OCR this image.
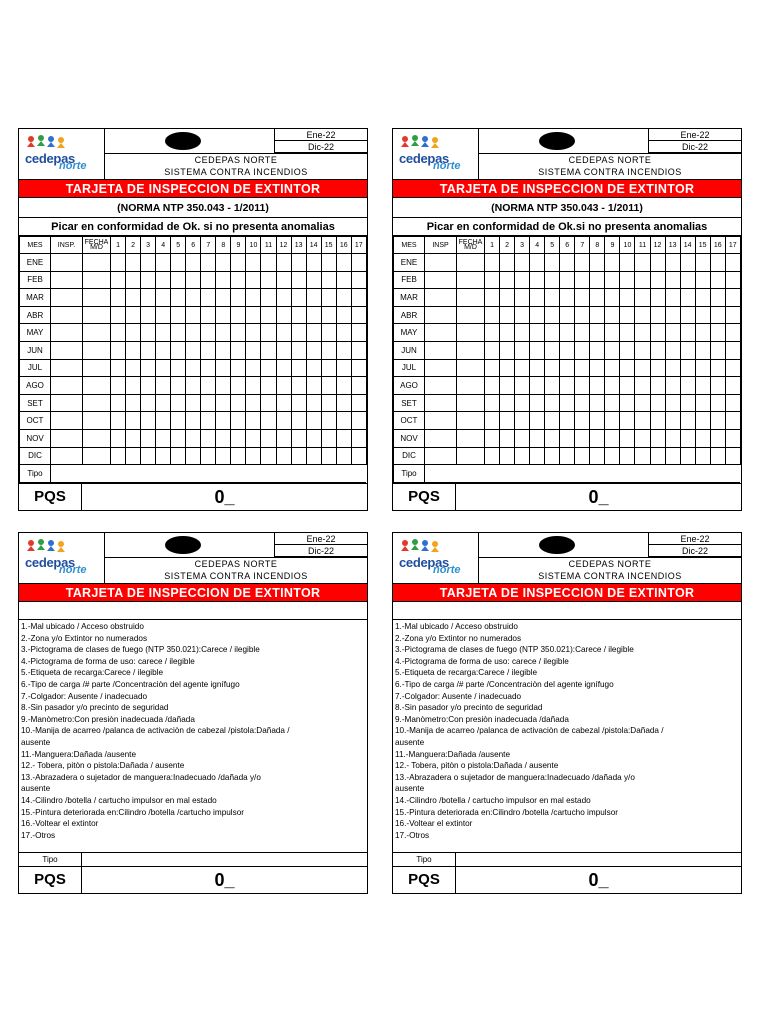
cedepas
norte
Ene-22
Dic-22
CEDEPAS NORTE
SISTEMA CONTRA INCENDIOS
TARJETA DE INSPECCION DE EXTINTOR
(NORMA NTP 350.043 - 1/2011)
Picar en conformidad de Ok. si no presenta anomalias
MES	INSP.	FECHA M/D	1	2	3	4	5	6	7	8	9	10	11	12	13	14	15	16	17
ENE																			
FEB																			
MAR																			
ABR																			
MAY																			
JUN																			
JUL																			
AGO																			
SET																			
OCT																			
NOV																			
DIC																			
Tipo																			
PQS	0_
cedepas
norte
Ene-22
Dic-22
CEDEPAS NORTE
SISTEMA CONTRA INCENDIOS
TARJETA DE INSPECCION DE EXTINTOR
(NORMA NTP 350.043 - 1/2011)
Picar en conformidad de Ok.si no presenta anomalias
MES	INSP	FECHA M/D	1	2	3	4	5	6	7	8	9	10	11	12	13	14	15	16	17
ENE																			
FEB																			
MAR																			
ABR																			
MAY																			
JUN																			
JUL																			
AGO																			
SET																			
OCT																			
NOV																			
DIC																			
Tipo																			
PQS	0_
cedepas
norte
Ene-22
Dic-22
CEDEPAS NORTE
SISTEMA CONTRA INCENDIOS
TARJETA DE INSPECCION DE EXTINTOR
1.-Mal ubicado / Acceso obstruido
2.-Zona y/o Extintor no numerados
3.-Pictograma de clases de fuego (NTP 350.021):Carece / ilegible
4.-Pictograma de forma de uso: carece / ilegible
5.-Etiqueta de recarga:Carece / ilegible
6.-Tipo de carga /# parte /Concentraciòn del agente ignífugo
7.-Colgador: Ausente / inadecuado
8.-Sin pasador y/o precinto de seguridad
9.-Manòmetro:Con presiòn inadecuada /dañada
10.-Manija de acarreo /palanca de activaciòn de cabezal /pistola:Dañada /
ausente
11.-Manguera:Dañada /ausente
12.- Tobera, pitòn o pistola:Dañada / ausente
13.-Abrazadera o sujetador de manguera:Inadecuado /dañada y/o
ausente
14.-Cilindro /botella / cartucho impulsor en mal estado
15.-Pintura deteriorada en:Cilindro /botella /cartucho impulsor
16.-Voltear el extintor
17.-Otros
Tipo
PQS	0_
cedepas
norte
Ene-22
Dic-22
CEDEPAS NORTE
SISTEMA CONTRA INCENDIOS
TARJETA DE INSPECCION DE EXTINTOR
1.-Mal ubicado / Acceso obstruido
2.-Zona y/o Extintor no numerados
3.-Pictograma de clases de fuego (NTP 350.021):Carece / ilegible
4.-Pictograma de forma de uso: carece / ilegible
5.-Etiqueta de recarga:Carece / ilegible
6.-Tipo de carga /# parte /Concentraciòn del agente ignífugo
7.-Colgador: Ausente / inadecuado
8.-Sin pasador y/o precinto de seguridad
9.-Manòmetro:Con presiòn inadecuada /dañada
10.-Manija de acarreo /palanca de activaciòn de cabezal /pistola:Dañada /
ausente
11.-Manguera:Dañada /ausente
12.- Tobera, pitòn o pistola:Dañada / ausente
13.-Abrazadera o sujetador de manguera:Inadecuado /dañada y/o
ausente
14.-Cilindro /botella / cartucho impulsor en mal estado
15.-Pintura deteriorada en:Cilindro /botella /cartucho impulsor
16.-Voltear el extintor
17.-Otros
Tipo
PQS	0_
